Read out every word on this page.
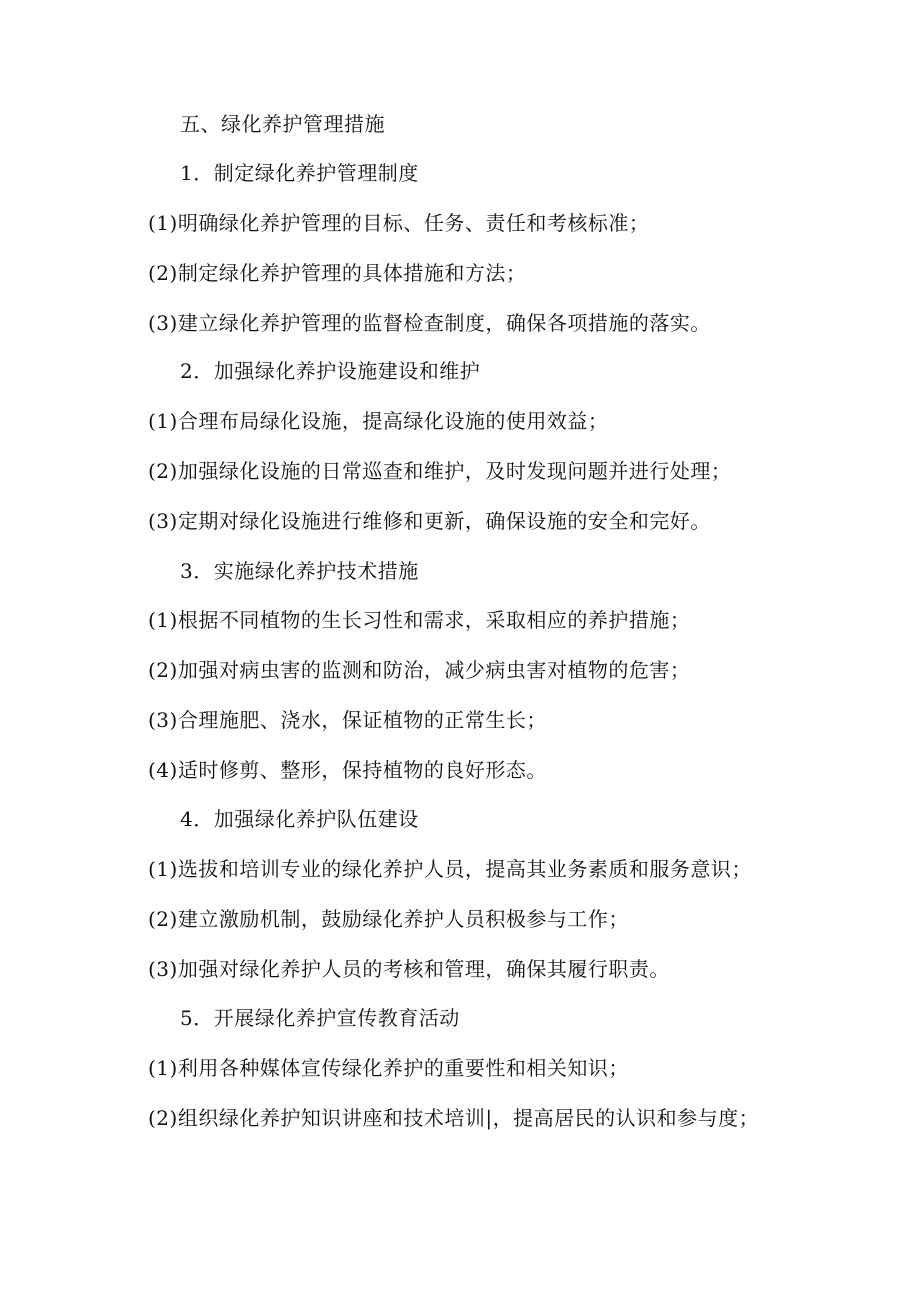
五、绿化养护管理措施
1．制定绿化养护管理制度
(1)明确绿化养护管理的目标、任务、责任和考核标准；
(2)制定绿化养护管理的具体措施和方法；
(3)建立绿化养护管理的监督检查制度，确保各项措施的落实。
2．加强绿化养护设施建设和维护
(1)合理布局绿化设施，提高绿化设施的使用效益；
(2)加强绿化设施的日常巡查和维护，及时发现问题并进行处理；
(3)定期对绿化设施进行维修和更新，确保设施的安全和完好。
3．实施绿化养护技术措施
(1)根据不同植物的生长习性和需求，采取相应的养护措施；
(2)加强对病虫害的监测和防治，减少病虫害对植物的危害；
(3)合理施肥、浇水，保证植物的正常生长；
(4)适时修剪、整形，保持植物的良好形态。
4．加强绿化养护队伍建设
(1)选拔和培训专业的绿化养护人员，提高其业务素质和服务意识；
(2)建立激励机制，鼓励绿化养护人员积极参与工作；
(3)加强对绿化养护人员的考核和管理，确保其履行职责。
5．开展绿化养护宣传教育活动
(1)利用各种媒体宣传绿化养护的重要性和相关知识；
(2)组织绿化养护知识讲座和技术培训|，提高居民的认识和参与度；
